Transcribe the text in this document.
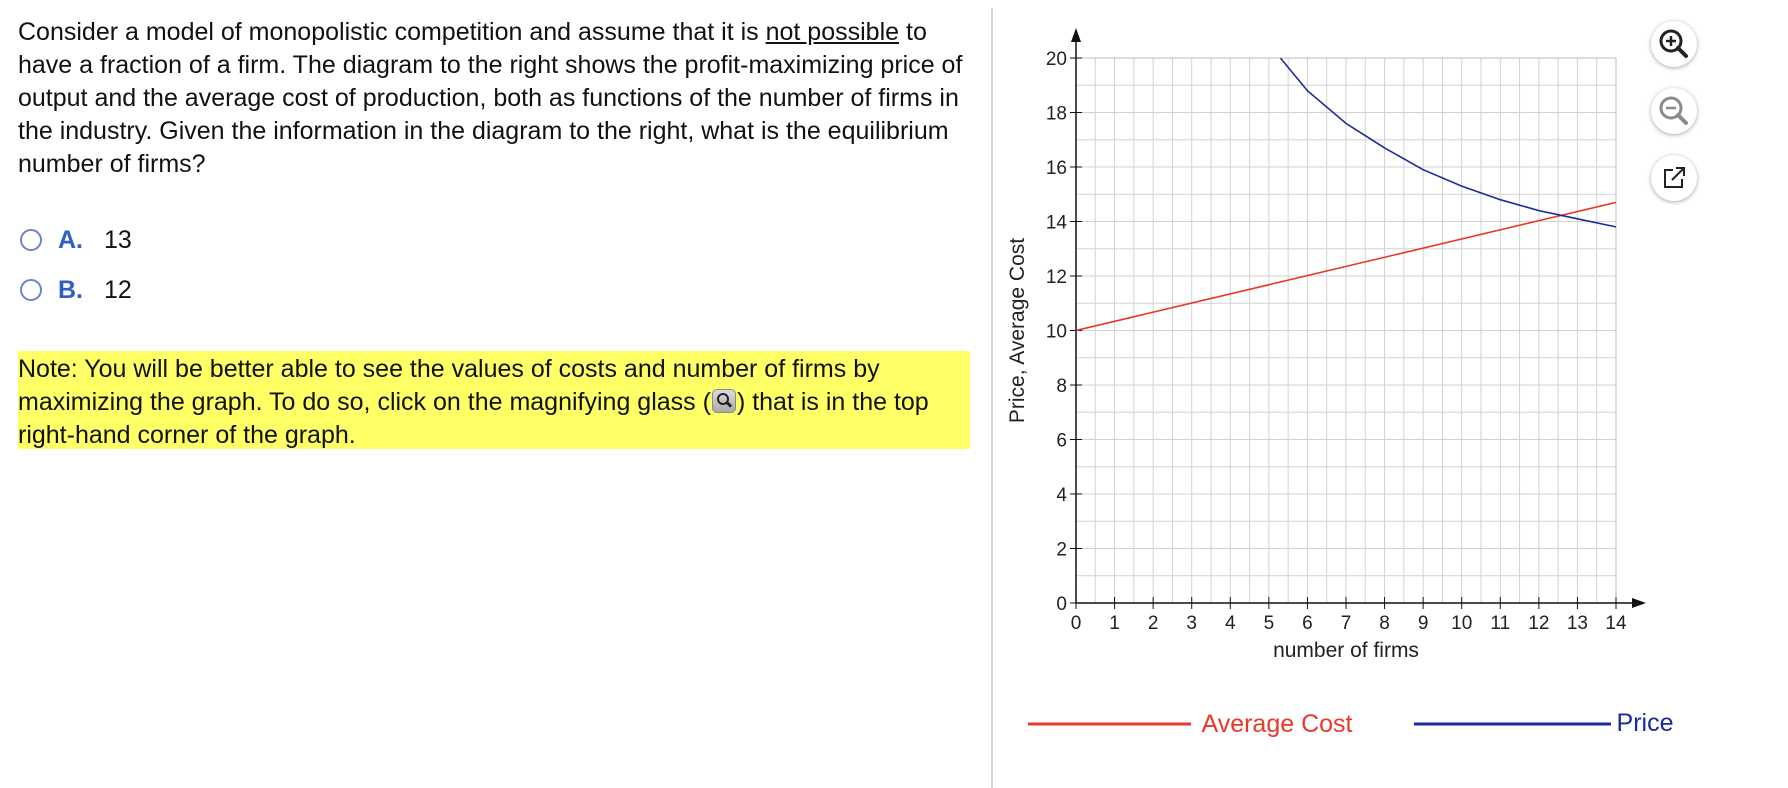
Consider a model of monopolistic competition and assume that it is not possible to have a fraction of a firm. The diagram to the right shows the profit-maximizing price of output and the average cost of production, both as functions of the number of firms in the industry. Given the information in the diagram to the right, what is the equilibrium number of firms?

A. 13
B. 12
Note: You will be better able to see the values of costs and number of firms by maximizing the graph. To do so, click on the magnifying glass ( ) that is in the top right-hand corner of the graph.
0 1 2 3 4 5 6 7 8 9 10 11 12 13 14
0
2
4
6
8
10
12
14
16
18
20
number of firms
Price, Average Cost
Average Cost	Price
